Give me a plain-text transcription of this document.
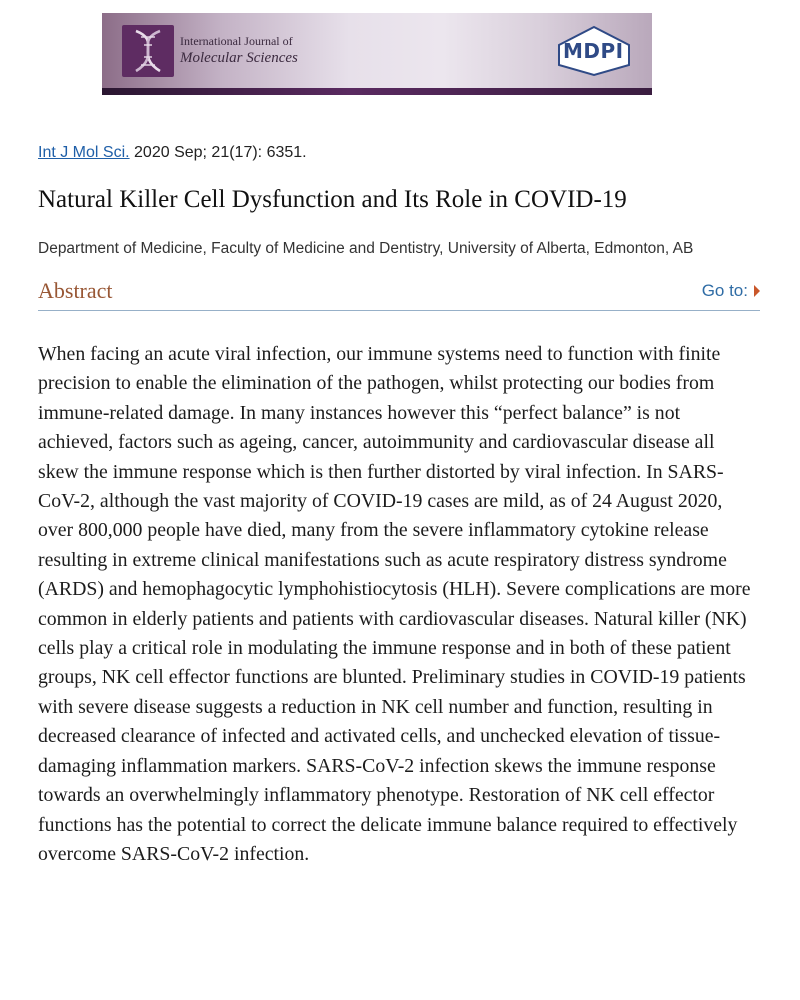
International Journal of
Molecular Sciences	MDPI
Int J Mol Sci. 2020 Sep; 21(17): 6351.
Natural Killer Cell Dysfunction and Its Role in COVID-19
Department of Medicine, Faculty of Medicine and Dentistry, University of Alberta, Edmonton, AB
Abstract	Go to:

When facing an acute viral infection, our immune systems need to function with finite precision to enable the elimination of the pathogen, whilst protecting our bodies from immune-related damage. In many instances however this “perfect balance” is not achieved, factors such as ageing, cancer, autoimmunity and cardiovascular disease all skew the immune response which is then further distorted by viral infection. In SARS-CoV-2, although the vast majority of COVID-19 cases are mild, as of 24 August 2020, over 800,000 people have died, many from the severe inflammatory cytokine release resulting in extreme clinical manifestations such as acute respiratory distress syndrome (ARDS) and hemophagocytic lymphohistiocytosis (HLH). Severe complications are more common in elderly patients and patients with cardiovascular diseases. Natural killer (NK) cells play a critical role in modulating the immune response and in both of these patient groups, NK cell effector functions are blunted. Preliminary studies in COVID-19 patients with severe disease suggests a reduction in NK cell number and function, resulting in decreased clearance of infected and activated cells, and unchecked elevation of tissue-damaging inflammation markers. SARS-CoV-2 infection skews the immune response towards an overwhelmingly inflammatory phenotype. Restoration of NK cell effector functions has the potential to correct the delicate immune balance required to effectively overcome SARS-CoV-2 infection.
